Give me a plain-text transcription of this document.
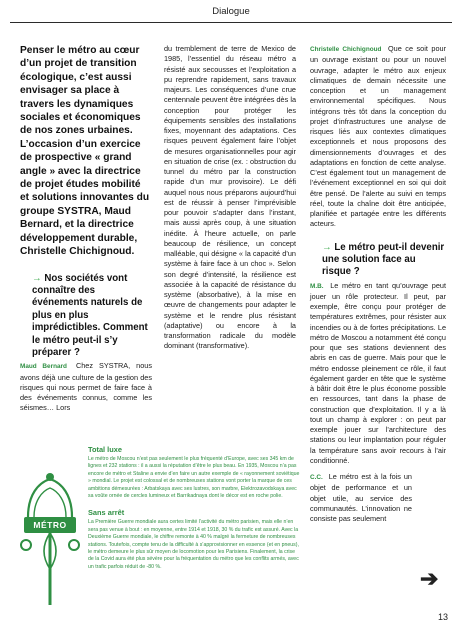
Dialogue
Penser le métro au cœur d’un projet de transition écologique, c’est aussi envisager sa place à travers les dynamiques sociales et économiques de nos zones urbaines. L’occasion d’un exercice de prospective « grand angle » avec la directrice de projet études mobilité et solutions innovantes du groupe SYSTRA, Maud Bernard, et la directrice développement durable, Christelle Chichignoud.
→ Nos sociétés vont connaître des événements naturels de plus en plus imprédictibles. Comment le métro peut-il s’y préparer ?
Maud Bernard Chez SYSTRA, nous avons déjà une culture de la gestion des risques qui nous permet de faire face à des événements connus, comme les séismes… Lors
du tremblement de terre de Mexico de 1985, l’essentiel du réseau métro a résisté aux secousses et l’exploitation a pu reprendre rapidement, sans travaux majeurs. Les conséquences d’une crue centennale peuvent être intégrées dès la conception pour protéger les équipements sensibles des installations fixes, moyennant des adaptations. Ces risques peuvent également faire l’objet de mesures organisationnelles pour agir en situation de crise (ex. : obstruction du tunnel du métro par la construction rapide d’un mur provisoire). Le défi auquel nous nous préparons aujourd’hui est de réussir à penser l’imprévisible pour pouvoir s’adapter dans l’instant, mais aussi après coup, à une situation inédite. À l’heure actuelle, on parle beaucoup de résilience, un concept malléable, qui désigne « la capacité d’un système à faire face à un choc ». Selon son degré d’intensité, la résilience est associée à la capacité de résistance du système (absorbative), à la mise en œuvre de changements pour adapter le système et le rendre plus résistant (adaptative) ou encore à la transformation radicale du modèle dominant (transformative).
Christelle Chichignoud Que ce soit pour un ouvrage existant ou pour un nouvel ouvrage, adapter le métro aux enjeux climatiques de demain nécessite une conception et un management environnemental spécifiques. Nous intégrons très tôt dans la conception du projet d’infrastructures une analyse de risques liés aux contextes climatiques exceptionnels et nous proposons des dimensionnements d’ouvrages et des adaptations en fonction de cette analyse. C’est également tout un management de l’événement exceptionnel en soi qui doit être pensé. De l’alerte au suivi en temps réel, toute la chaîne doit être anticipée, planifiée et partagée entre les différents acteurs.
→ Le métro peut-il devenir une solution face au risque ?
M.B. Le métro en tant qu’ouvrage peut jouer un rôle protecteur. Il peut, par exemple, être conçu pour protéger de températures extrêmes, pour résister aux incendies ou à de fortes précipitations. Le métro de Moscou a notamment été conçu pour que ses stations deviennent des abris en cas de guerre. Mais pour que le métro endosse pleinement ce rôle, il faut également garder en tête que le système à bâtir doit être le plus économe possible en ressources, tant dans la phase de construction que d’exploitation. Il y a là tout un champ à explorer : on peut par exemple jouer sur l’architecture des stations ou leur implantation pour réguler la température sans avoir recours à l’air conditionné.
C.C. Le métro est à la fois un objet de performance et un objet utile, au service des communautés. L’innovation ne consiste pas seulement
MÉTRO
Total luxe
Le métro de Moscou n’est pas seulement le plus fréquenté d’Europe, avec ses 345 km de lignes et 232 stations : il a aussi la réputation d’être le plus beau. En 1935, Moscou n’a pas encore de métro et Staline a envie d’en faire un autre exemple de « rayonnement soviétique » mondial. Le projet est colossal et de nombreuses stations vont porter la marque de ces ambitions démesurées : Arbatskaya avec ses lustres, son marbre, Elektrozavodskaya avec sa voûte ornée de cercles lumineux et Barrikadnaya dont le décor est en roche polie.
Sans arrêt
La Première Guerre mondiale aura certes limité l’activité du métro parisien, mais elle n’en sera pas venue à bout : en moyenne, entre 1914 et 1918, 30 % du trafic est assuré. Avec la Deuxième Guerre mondiale, le chiffre remonte à 40 % malgré la fermeture de nombreuses stations. Toutefois, compte tenu de la difficulté à s’approvisionner en essence (et en pneus), le métro demeure le plus sûr moyen de locomotion pour les Parisiens. Finalement, la crise de la Covid aura été plus sévère pour la fréquentation du métro que les conflits armés, avec un trafic parfois réduit de -80 %.	➔
13
